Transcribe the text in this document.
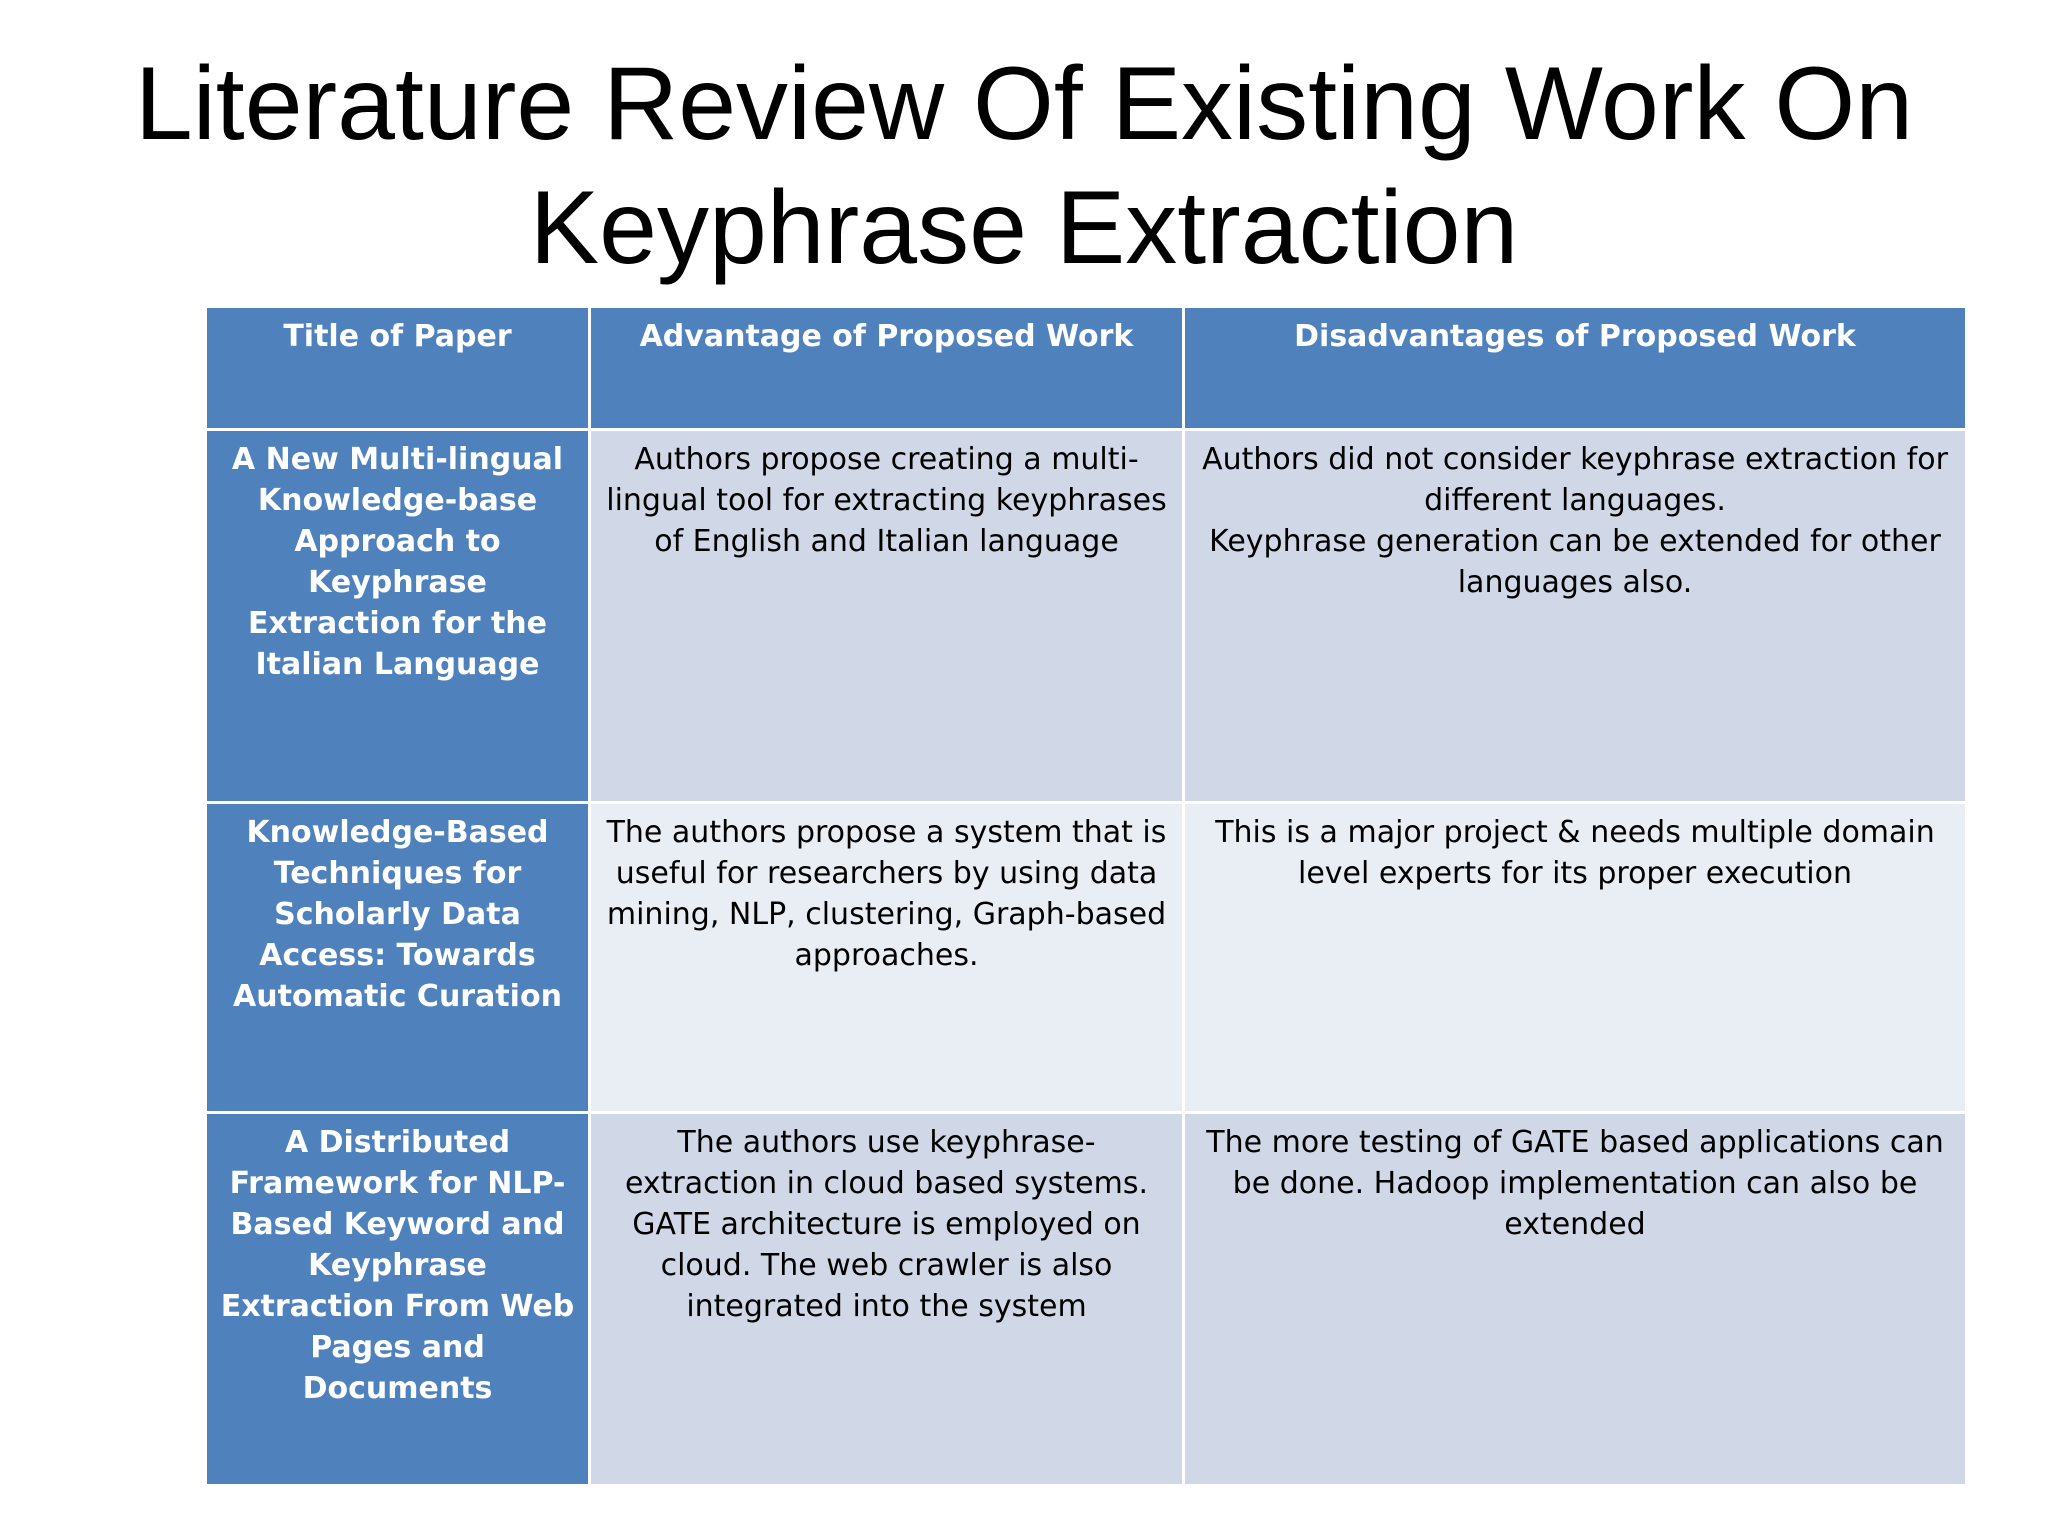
Literature Review Of Existing Work On
Keyphrase Extraction
Title of Paper	Advantage of Proposed Work	Disadvantages of Proposed Work

A New Multi-lingual Knowledge-base Approach to Keyphrase Extraction for the Italian Language	Authors propose creating a multi-lingual tool for extracting keyphrases of English and Italian language	Authors did not consider keyphrase extraction for different languages.
Keyphrase generation can be extended for other languages also.

Knowledge-Based Techniques for Scholarly Data Access: Towards Automatic Curation	The authors propose a system that is useful for researchers by using data mining, NLP, clustering, Graph-based approaches.	This is a major project & needs multiple domain level experts for its proper execution

A Distributed Framework for NLP-Based Keyword and Keyphrase Extraction From Web Pages and Documents	The authors use keyphrase-extraction in cloud based systems. GATE architecture is employed on cloud. The web crawler is also integrated into the system	The more testing of GATE based applications can be done. Hadoop implementation can also be extended
